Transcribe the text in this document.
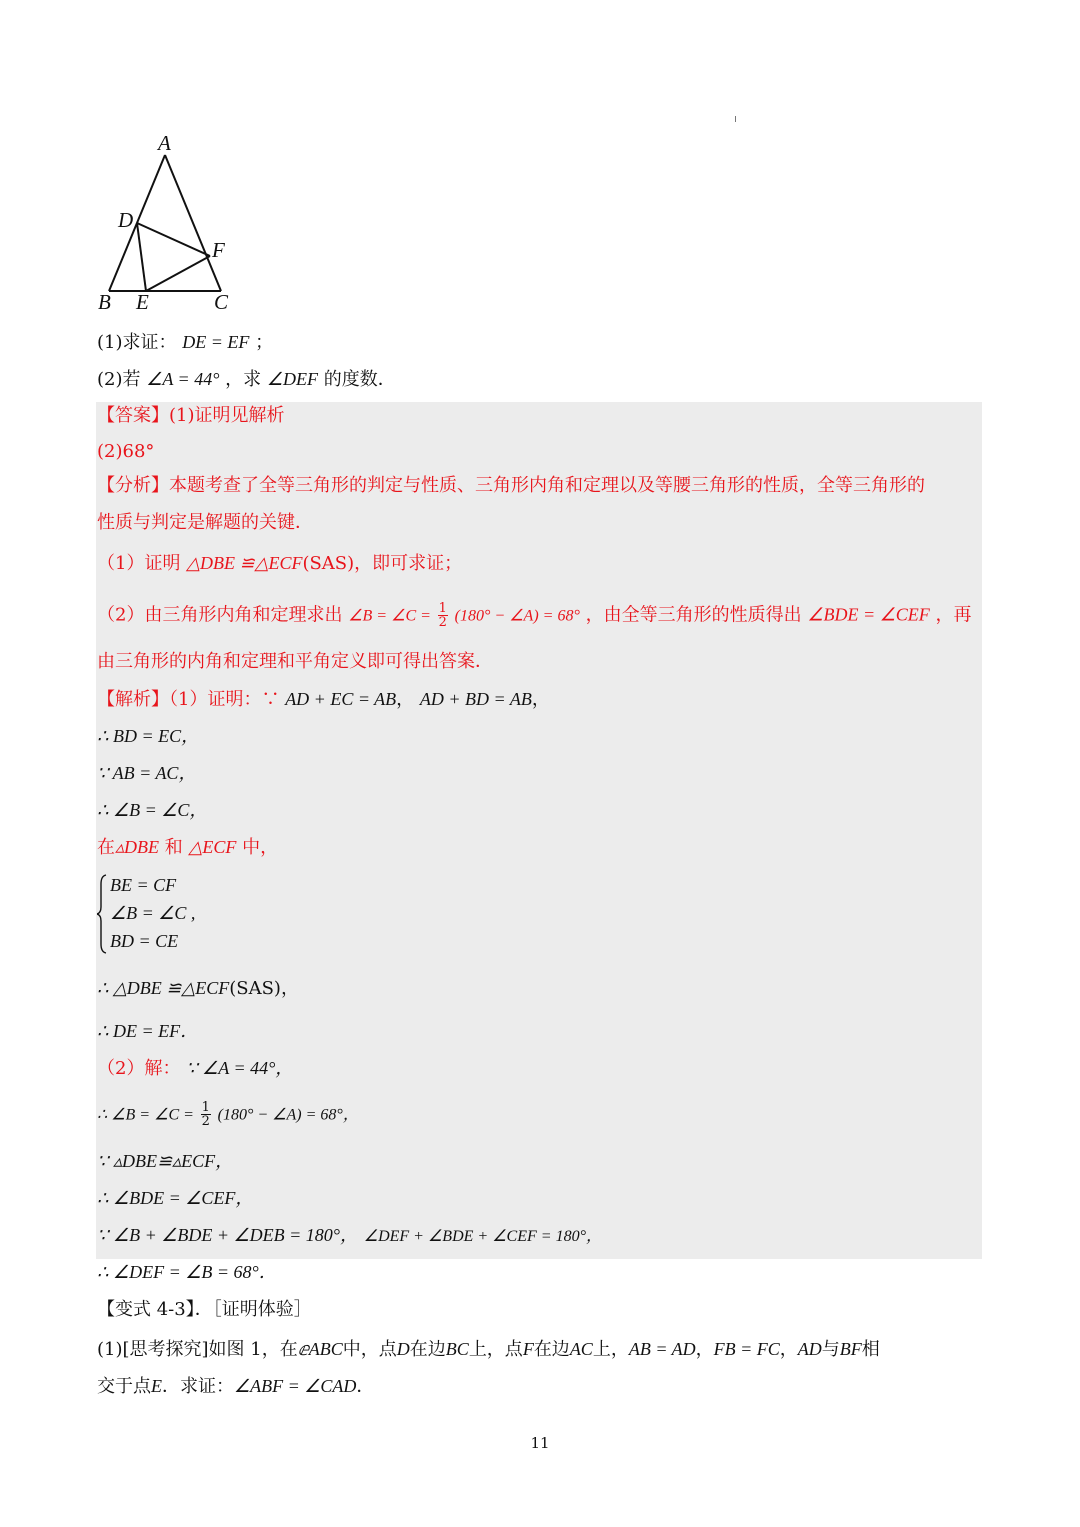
A
D
F
B E	C
(1)求证： DE = EF ；
(2)若 ∠A = 44° ，求 ∠DEF 的度数．
【答案】(1)证明见解析
(2)68°
【分析】本题考查了全等三角形的判定与性质、三角形内角和定理以及等腰三角形的性质，全等三角形的
性质与判定是解题的关键．
（1）证明 △DBE ≌△ECF(SAS)，即可求证；
（2）由三角形内角和定理求出 ∠B = ∠C = $\frac{1}{2} (180^\circ$ − ∠A) = 68° ，由全等三角形的性质得出 ∠BDE = ∠CEF ，再
由三角形的内角和定理和平角定义即可得出答案．
【解析】（1）证明：∵ AD + EC = AB， AD + BD = AB，
∴ BD = EC，
∵ AB = AC，
∴ ∠B = ∠C，
在▵DBE 和 △ECF 中，
BE = CF
∠B = ∠C ,
BD = CE
∴ △DBE ≌△ECF(SAS)，
∴ DE = EF．
（2）解： ∵ ∠A = 44°，
∴ ∠B = ∠C = $\frac{1}{2} (180^\circ$ − ∠A) = 68°，
∵ ▵DBE≌▵ECF，
∴ ∠BDE = ∠CEF，
∵ ∠B + ∠BDE + ∠DEB = 180°， ∠DEF + ∠BDE + ∠CEF = 180°，
∴ ∠DEF = ∠B = 68°．
【变式 4-3】．［证明体验］
(1)[思考探究]如图 1，在ⅇABC中，点D在边BC上，点F在边AC上，AB = AD，FB = FC，AD与BF相
交于点E．求证：∠ABF = ∠CAD．
11
